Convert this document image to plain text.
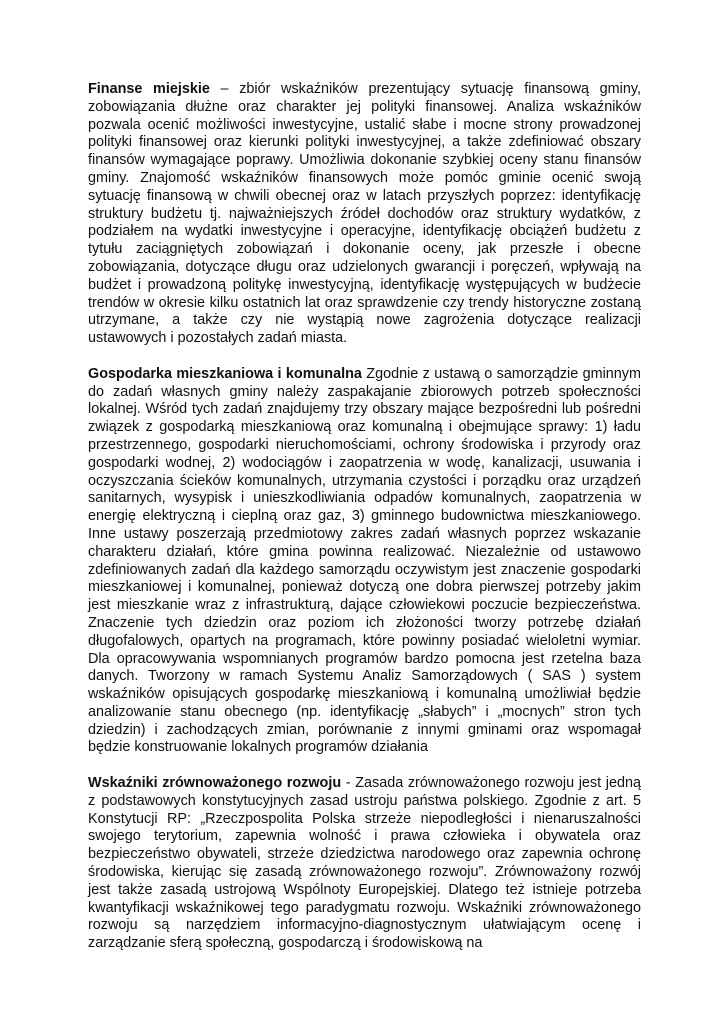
Finanse miejskie – zbiór wskaźników prezentujący sytuację finansową gminy, zobowiązania dłużne oraz charakter jej polityki finansowej. Analiza wskaźników pozwala ocenić możliwości inwestycyjne, ustalić słabe i mocne strony prowadzonej polityki finansowej oraz kierunki polityki inwestycyjnej, a także zdefiniować obszary finansów wymagające poprawy. Umożliwia dokonanie szybkiej oceny stanu finansów gminy. Znajomość wskaźników finansowych może pomóc gminie ocenić swoją sytuację finansową w chwili obecnej oraz w latach przyszłych poprzez: identyfikację struktury budżetu tj. najważniejszych źródeł dochodów oraz struktury wydatków, z podziałem na wydatki inwestycyjne i operacyjne, identyfikację obciążeń budżetu z tytułu zaciągniętych zobowiązań i dokonanie oceny, jak przeszłe i obecne zobowiązania, dotyczące długu oraz udzielonych gwarancji i poręczeń, wpływają na budżet i prowadzoną politykę inwestycyjną, identyfikację występujących w budżecie trendów w okresie kilku ostatnich lat oraz sprawdzenie czy trendy historyczne zostaną utrzymane, a także czy nie wystąpią nowe zagrożenia dotyczące realizacji ustawowych i pozostałych zadań miasta.

Gospodarka mieszkaniowa i komunalna Zgodnie z ustawą o samorządzie gminnym do zadań własnych gminy należy zaspakajanie zbiorowych potrzeb społeczności lokalnej. Wśród tych zadań znajdujemy trzy obszary mające bezpośredni lub pośredni związek z gospodarką mieszkaniową oraz komunalną i obejmujące sprawy: 1) ładu przestrzennego, gospodarki nieruchomościami, ochrony środowiska i przyrody oraz gospodarki wodnej, 2) wodociągów i zaopatrzenia w wodę, kanalizacji, usuwania i oczyszczania ścieków komunalnych, utrzymania czystości i porządku oraz urządzeń sanitarnych, wysypisk i unieszkodliwiania odpadów komunalnych, zaopatrzenia w energię elektryczną i cieplną oraz gaz, 3) gminnego budownictwa mieszkaniowego. Inne ustawy poszerzają przedmiotowy zakres zadań własnych poprzez wskazanie charakteru działań, które gmina powinna realizować. Niezależnie od ustawowo zdefiniowanych zadań dla każdego samorządu oczywistym jest znaczenie gospodarki mieszkaniowej i komunalnej, ponieważ dotyczą one dobra pierwszej potrzeby jakim jest mieszkanie wraz z infrastrukturą, dające człowiekowi poczucie bezpieczeństwa. Znaczenie tych dziedzin oraz poziom ich złożoności tworzy potrzebę działań długofalowych, opartych na programach, które powinny posiadać wieloletni wymiar. Dla opracowywania wspomnianych programów bardzo pomocna jest rzetelna baza danych. Tworzony w ramach Systemu Analiz Samorządowych ( SAS ) system wskaźników opisujących gospodarkę mieszkaniową i komunalną umożliwiał będzie analizowanie stanu obecnego (np. identyfikację „słabych” i „mocnych” stron tych dziedzin) i zachodzących zmian, porównanie z innymi gminami oraz wspomagał będzie konstruowanie lokalnych programów działania

Wskaźniki zrównoważonego rozwoju - Zasada zrównoważonego rozwoju jest jedną z podstawowych konstytucyjnych zasad ustroju państwa polskiego. Zgodnie z art. 5 Konstytucji RP: „Rzeczpospolita Polska strzeże niepodległości i nienaruszalności swojego terytorium, zapewnia wolność i prawa człowieka i obywatela oraz bezpieczeństwo obywateli, strzeże dziedzictwa narodowego oraz zapewnia ochronę środowiska, kierując się zasadą zrównoważonego rozwoju”. Zrównoważony rozwój jest także zasadą ustrojową Wspólnoty Europejskiej. Dlatego też istnieje potrzeba kwantyfikacji wskaźnikowej tego paradygmatu rozwoju. Wskaźniki zrównoważonego rozwoju są narzędziem informacyjno-diagnostycznym ułatwiającym ocenę i zarządzanie sferą społeczną, gospodarczą i środowiskową na
